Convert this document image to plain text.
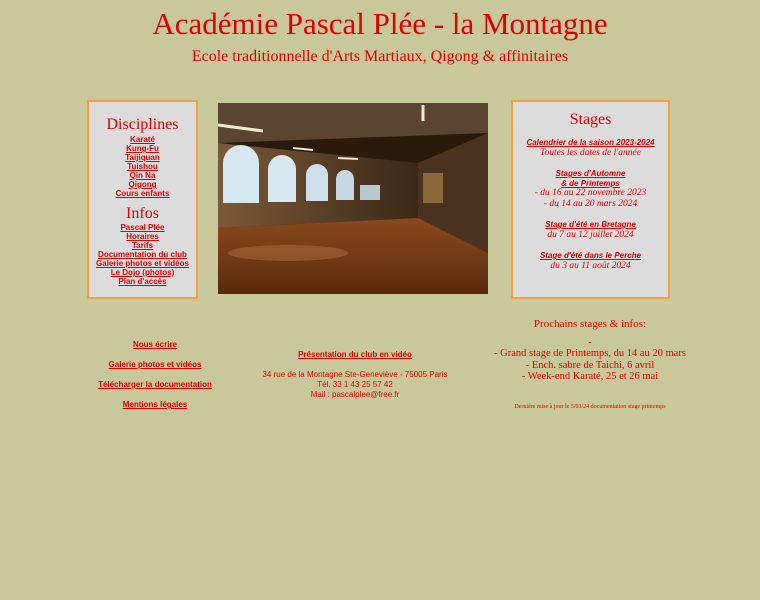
Académie Pascal Plée - la Montagne
Ecole traditionnelle d'Arts Martiaux, Qigong & affinitaires
Disciplines
Karaté
Kung-Fu
Taijiquan
Tuishou
Qin Na
Qigong
Cours enfants
Infos
Pascal Plée
Horaires
Tarifs
Documentation du club
Galerie photos et vidéos
Le Dojo (photos)
Plan d'accès
Stages
Calendrier de la saison 2023-2024
Toutes les dates de l'année
Stages d'Automne
& de Printemps
- du 16 au 22 novembre 2023
- du 14 au 20 mars 2024
Stage d'été en Bretagne
du 7 au 12 juillet 2024
Stage d'été dans le Perche
du 3 au 11 août 2024
Nous écrire
Galerie photos et vidéos
Télécharger la documentation
Mentions légales
Présentation du club en vidéo
34 rue de la Montagne Ste-Geneviève - 75005 Paris
Tél. 33 1 43 25 57 42
Mail : pascalplee@free.fr
Prochains stages & infos:
-
- Grand stage de Printemps, du 14 au 20 mars
- Ench. sabre de Taichi, 6 avril
- Week-end Karaté, 25 et 26 mai
Dernière mise à jour le 5/03/24 documentation stage printemps
